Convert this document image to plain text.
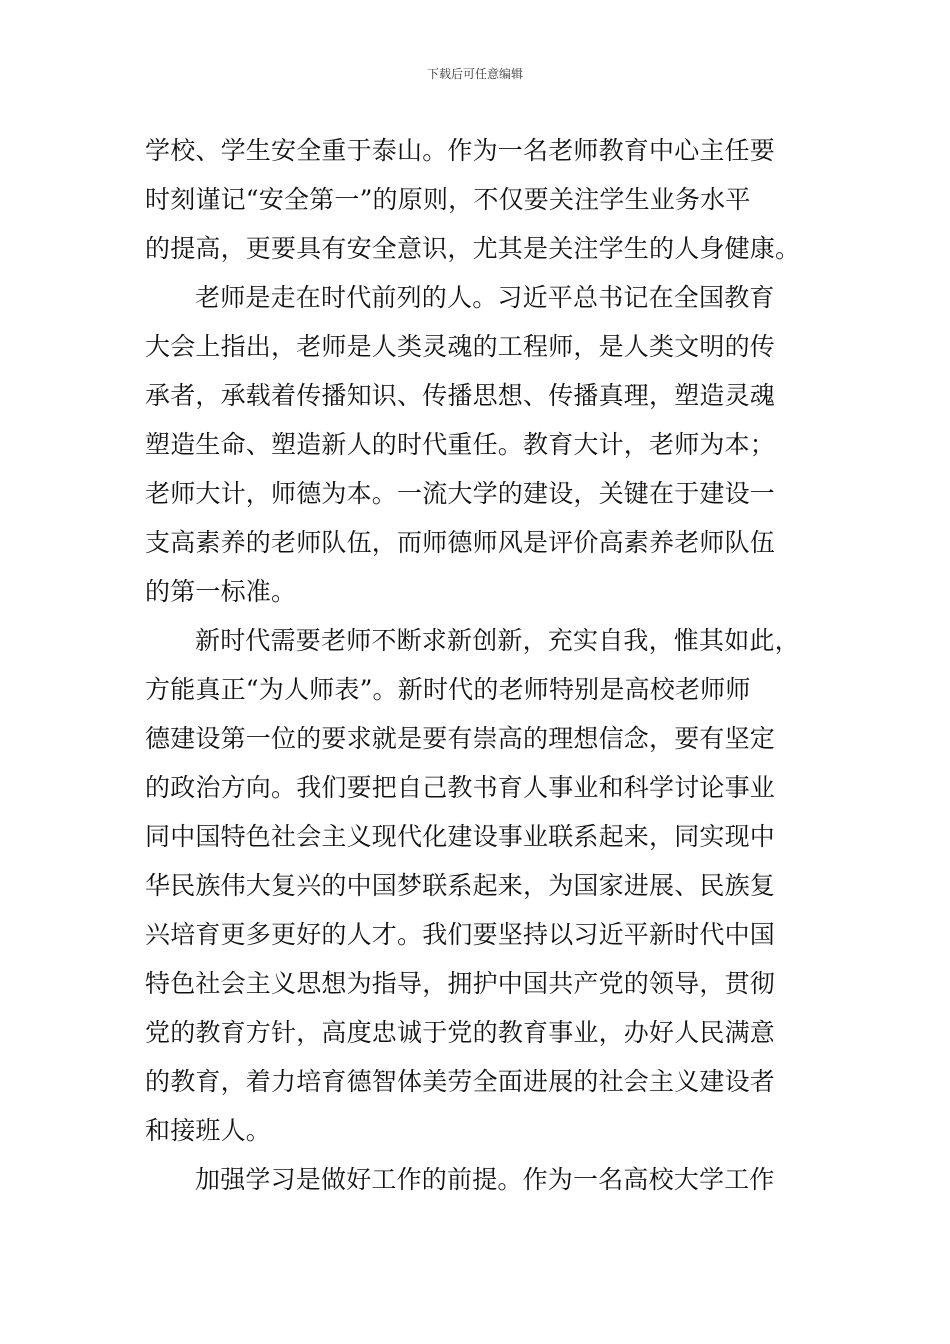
下载后可任意编辑
学校、学生安全重于泰山。作为一名老师教育中心主任要
时刻谨记“安全第一”的原则，不仅要关注学生业务水平
的提高，更要具有安全意识，尤其是关注学生的人身健康。
老师是走在时代前列的人。习近平总书记在全国教育
大会上指出，老师是人类灵魂的工程师，是人类文明的传
承者，承载着传播知识、传播思想、传播真理，塑造灵魂
塑造生命、塑造新人的时代重任。教育大计，老师为本；
老师大计，师德为本。一流大学的建设，关键在于建设一
支高素养的老师队伍，而师德师风是评价高素养老师队伍
的第一标准。
新时代需要老师不断求新创新，充实自我，惟其如此，
方能真正“为人师表”。新时代的老师特别是高校老师师
德建设第一位的要求就是要有崇高的理想信念，要有坚定
的政治方向。我们要把自己教书育人事业和科学讨论事业
同中国特色社会主义现代化建设事业联系起来，同实现中
华民族伟大复兴的中国梦联系起来，为国家进展、民族复
兴培育更多更好的人才。我们要坚持以习近平新时代中国
特色社会主义思想为指导，拥护中国共产党的领导，贯彻
党的教育方针，高度忠诚于党的教育事业，办好人民满意
的教育，着力培育德智体美劳全面进展的社会主义建设者
和接班人。
加强学习是做好工作的前提。作为一名高校大学工作
